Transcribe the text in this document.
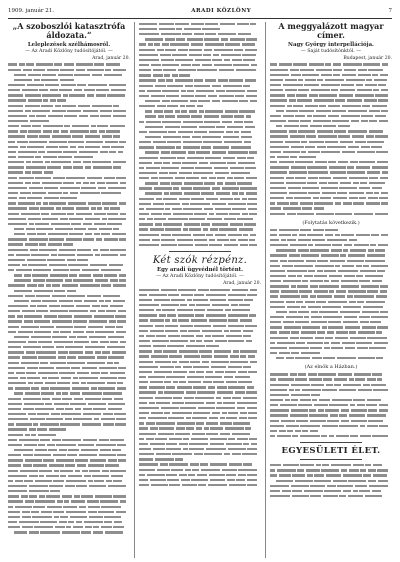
1909. január 21.	ARADI KÖZLÖNY	7
„A szoboszlói katasztrófa áldozata.“
Leleplezések szélhámosról.
— Az Aradi Közlöny tudósítójától. —
Arad, január 20.
Két szók rézpénz.
Egy aradi ügyvédnél történt.
— Az Aradi Közlöny tudósítójától. —
Arad, január 20.
A meggyalázott magyar címer.
Nagy György interpellációja.
— Saját tudósítónktól. —
Budapest, január 20.
(Folytatás következik.)
(Az elnök a Házban.)
EGYESÜLETI ÉLET.
